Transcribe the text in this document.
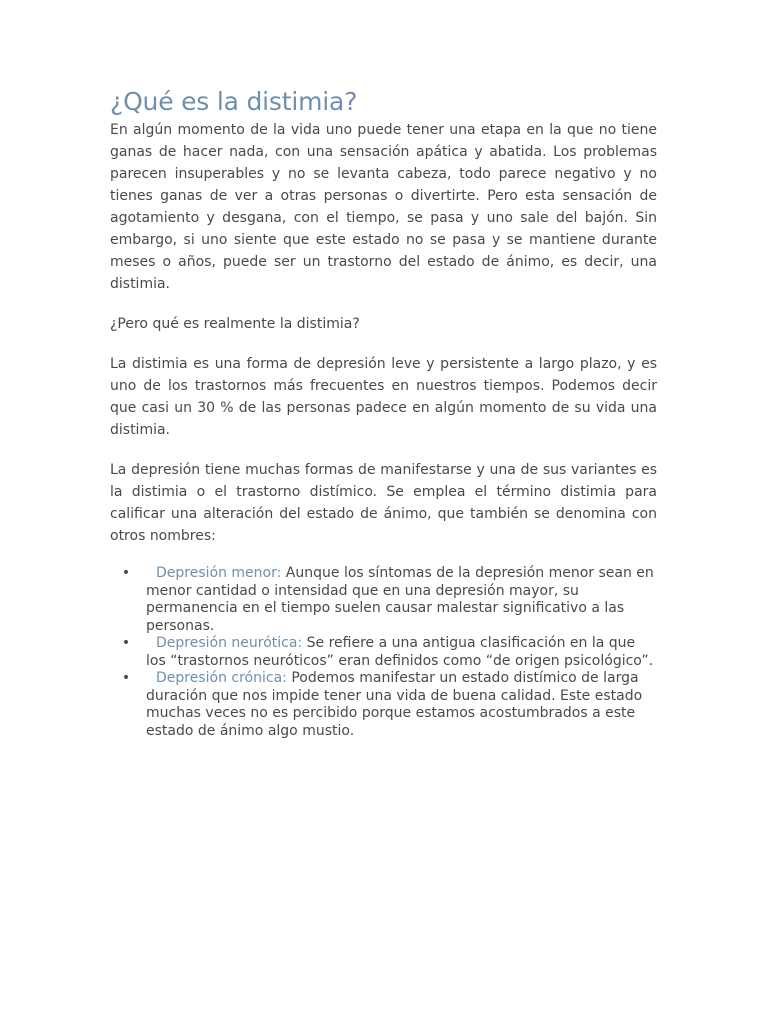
¿Qué es la distimia?

En algún momento de la vida uno puede tener una etapa en la que no tiene ganas de hacer nada, con una sensación apática y abatida. Los problemas parecen insuperables y no se levanta cabeza, todo parece negativo y no tienes ganas de ver a otras personas o divertirte. Pero esta sensación de agotamiento y desgana, con el tiempo, se pasa y uno sale del bajón. Sin embargo, si uno siente que este estado no se pasa y se mantiene durante meses o años, puede ser un trastorno del estado de ánimo, es decir, una distimia.

¿Pero qué es realmente la distimia?

La distimia es una forma de depresión leve y persistente a largo plazo, y es uno de los trastornos más frecuentes en nuestros tiempos. Podemos decir que casi un 30 % de las personas padece en algún momento de su vida una distimia.

La depresión tiene muchas formas de manifestarse y una de sus variantes es la distimia o el trastorno distímico. Se emplea el término distimia para calificar una alteración del estado de ánimo, que también se denomina con otros nombres:

• Depresión menor: Aunque los síntomas de la depresión menor sean en menor cantidad o intensidad que en una depresión mayor, su permanencia en el tiempo suelen causar malestar significativo a las personas.
• Depresión neurótica: Se refiere a una antigua clasificación en la que los “trastornos neuróticos” eran definidos como “de origen psicológico”.
• Depresión crónica: Podemos manifestar un estado distímico de larga duración que nos impide tener una vida de buena calidad. Este estado muchas veces no es percibido porque estamos acostumbrados a este estado de ánimo algo mustio.
